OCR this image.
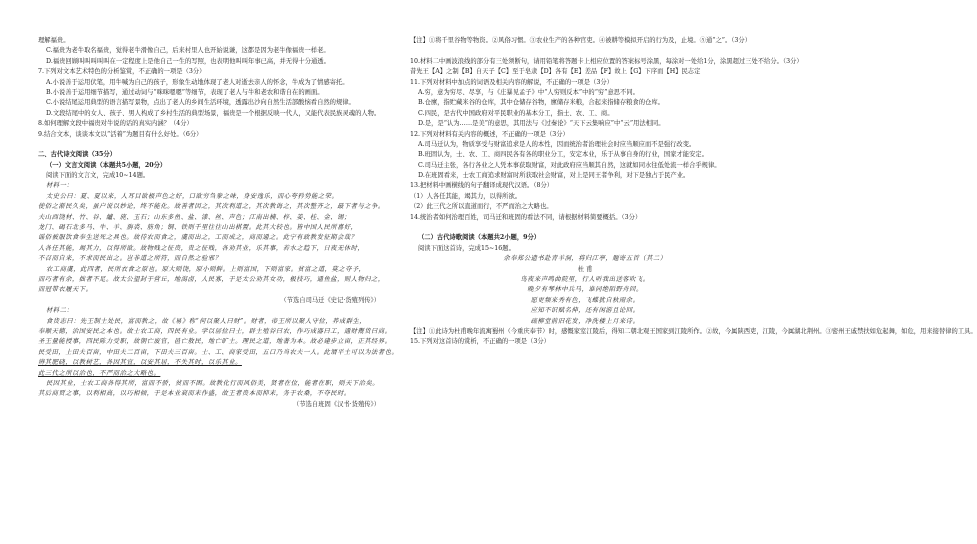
理解福贵。
C.福贵为老牛取名福贵，觉得老牛滑像自己，后来村里人也开始说谦，这都是因为老牛像福贵一样老。
D.福贵回顾叫叫叫叫叫在一定程度上是他自己一生的写照，也表明他叫叫年事已高，并无得十分通透。
7.下列对文本艺术特色的分析鉴赏，不正确的一项是（3分）
A.小说善于运用伏笔，用牛喊为自己的孩子，形象生动地体现了老人对逝去亲人的怀念，牛成为了情感寄托。
B.小说善于运用细节描写，通过动词与“咪咪嗯嗯”等细节，表现了老人与牛和老农和谐自在的画面。
C.小说结尾运用典型的语言描写景物，点出了老人的乡间生活环境，透露出沙向自然生活部酸恼看自然的规律。
D.文段结尾中的女人、孩子、男人构成了乡村生活的典型场景，福贵是一个根据反映一代人，又能代表民族灵魂的人物。
8.如何理解文段中福贵对牛说的话的真实内涵？（4分）
9.结合文本，谈谈本文以“活着”为题目有什么好处。（6分）
二、古代诗文阅读（35分）
（一）文言文阅读（本题共5小题，20分）
阅读下面的文言文，完成10~14题。
材料一：
太史公曰：夏、夏以来，人耳目欲极声色之好，口欲穷刍豢之味，身安逸乐，而心夸矜势能之荣。
使俗之渐民久矣，虽户说以妙论，终不能化。故善者因之，其次利道之，其次教诲之，其次整齐之，最下者与之争。
夫山西饶材、竹、谷、纑、旄、玉石；山东多鱼、盐、漆、丝、声色；江南出楠、梓、姜、桂、金、锡；
龙门、碣石北多马、牛、羊、旃裘、筋角；铜、铁则千里往往山出棋置。此其大较也。皆中国人民所喜好，
谣俗被服饮食奉生送死之具也。故待农而食之，虞而出之，工而成之，商而通之。此宁有政教发征期会哉？
人各任其能，竭其力，以得所欲。故物贱之征贵，贵之征贱，各劝其业，乐其事，若水之趋下，日夜无休时，
不召而自来，不求而民出之。岂非道之所符，而自然之验邪？
农工商虞，此四者，民所衣食之原也。原大则饶，原小则鲜。上则富国，下则富家。贫富之道，莫之夺予，
而巧者有余，拙者不足。故太公望封于营丘，地潟卤，人民寡，于是太公劝其女功，极技巧，通鱼盐，则人物归之，
而冠带衣履天下。
（节选自司马迁《史记·货殖列传》）
材料二：
食货志曰：先王制土处民，富而教之，故《易》称“何以聚人曰财”。财者，帝王所以聚人守位，养成群生，
奉顺天德，治国安民之本也。故士农工商，四民有业。学以居位曰士，辟土殖谷曰农，作巧成器曰工，通财鬻货曰商。
圣王量能授事，四民陈力受职，故朝亡废官，邑亡敖民，地亡旷土。理民之道，地著为本。故必建步立亩，正其经界。
民受田，上田夫百亩，中田夫二百亩，下田夫三百亩。士、工、商家受田，五口乃当农夫一人。此谓平土可以为法者也。
辨其肥硗，以教树艺，各因其宜，以安其居，不失其时，以乐其业。
此三代之所以治也，不严而治之大略也。
民因其业，士农工商各得其所，富而不骄，贫而不困。故教化行而风俗美，贤者在位，能者在职，则天下治矣。
其后商贾之事，以利相高，以巧相倾，于是本业衰而末作盛，故王者贵本而抑末，务于农桑，不夺民时。
（节选自班固《汉书·货殖传》）
【注】①将千里谷物等物资。②风俗习惯。③农业生产的各种官吏。④被耕等模拟开启的行为及，止境。⑤通“之”。（3分）
10.材料二中画波浪线的部分有三处须断句，请用铅笔将答题卡上相应位置的答案标号涂黑，每涂对一处给1分，涂黑超过三处不给分。（3分）
昔先王【A】之制【B】自天子【C】至于皂隶【D】各有【E】差品【F】故上【G】下序而【H】民志定
11.下列对材料中加点的词语及相关内容的解说，不正确的一项是（3分）
A.穷，意为穷尽、尽享，与《庄暴见孟子》中“人穷则反本”中的“穷”意思不同。
B.仓廪，指贮藏米谷的仓库，其中仓储存谷物，廪储存米粮，合起来指储存粮食的仓库。
C.四民，是古代中国政府对平民职业的基本分工，指士、农、工、商。
D.是，是“认为……是美”的意思，其用法与《过秦论》“天下云集响应”中“云”用法相同。
12.下列对材料有关内容的概述，不正确的一项是（3分）
A.司马迁认为，物质享受与财富追求是人的本性，因而统治者治理社会时应当顺应而不是强行改变。
B.班固认为，士、农、工、商四民各有各的职业分工，安定本业，乐于从事自身的行业，国家才能安定。
C.司马迁主张，各行各业之人凭本事获取财富，对此政府应当顺其自然，这就如同水往低处流一样合乎规律。
D.在班固看来，士农工商追求财富时所获取社会财富，对上是同王者争利，对下是独占于民产业。
13.把材料中画横线的句子翻译成现代汉语。（8分）
（1）人各任其能，竭其力，以得所欲。
（2）此三代之所以直道而行，不严而治之大略也。
14.统治者如何治理百姓，司马迁和班固的看法不同，请根据材料简要概括。（3分）
（二）古代诗歌阅读（本题共2小题，9分）
阅读下面这首诗，完成15~16题。
余奉郑公遗书赴青羊洞，将归江亭，题寄五首（其二）
杜 甫
鸟夜来声鸣曲院里，行人听我出送客吹飞。
晚夕有琴林中兵马，谁同绝陌野舟回。
愿更频来秀有色，飞蝶犹自秋雨余。
应知不识赋名伸，还有闲游且论回。
疏柳堂前旧花发，净洗楼上月来诗。
【注】①此诗为杜甫晚年流寓蜀州（今重庆奉节）时，感慨家室江陵后，得知二朝北观王国家到江陵所作。②故，今属陕西吏，江陵，今属湖北荆州。③密州王戚禁扶如危起舞，如危，用来接替律的工具。
15.下列对这首诗的赏析，不正确的一项是（3分）
